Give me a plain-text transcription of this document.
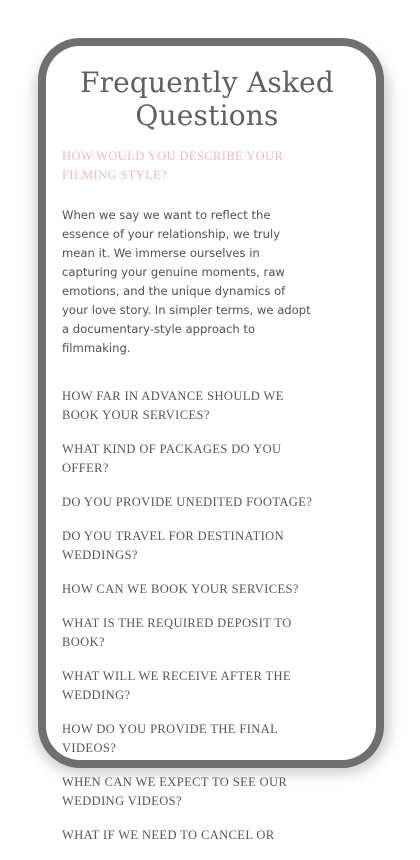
Frequently Asked Questions
HOW WOULD YOU DESCRIBE YOUR FILMING STYLE?
When we say we want to reflect the essence of your relationship, we truly mean it. We immerse ourselves in capturing your genuine moments, raw emotions, and the unique dynamics of your love story. In simpler terms, we adopt a documentary-style approach to filmmaking.
HOW FAR IN ADVANCE SHOULD WE BOOK YOUR SERVICES?
WHAT KIND OF PACKAGES DO YOU OFFER?
DO YOU PROVIDE UNEDITED FOOTAGE?
DO YOU TRAVEL FOR DESTINATION WEDDINGS?
HOW CAN WE BOOK YOUR SERVICES?
WHAT IS THE REQUIRED DEPOSIT TO BOOK?
WHAT WILL WE RECEIVE AFTER THE WEDDING?
HOW DO YOU PROVIDE THE FINAL VIDEOS?
WHEN CAN WE EXPECT TO SEE OUR WEDDING VIDEOS?
WHAT IF WE NEED TO CANCEL OR
